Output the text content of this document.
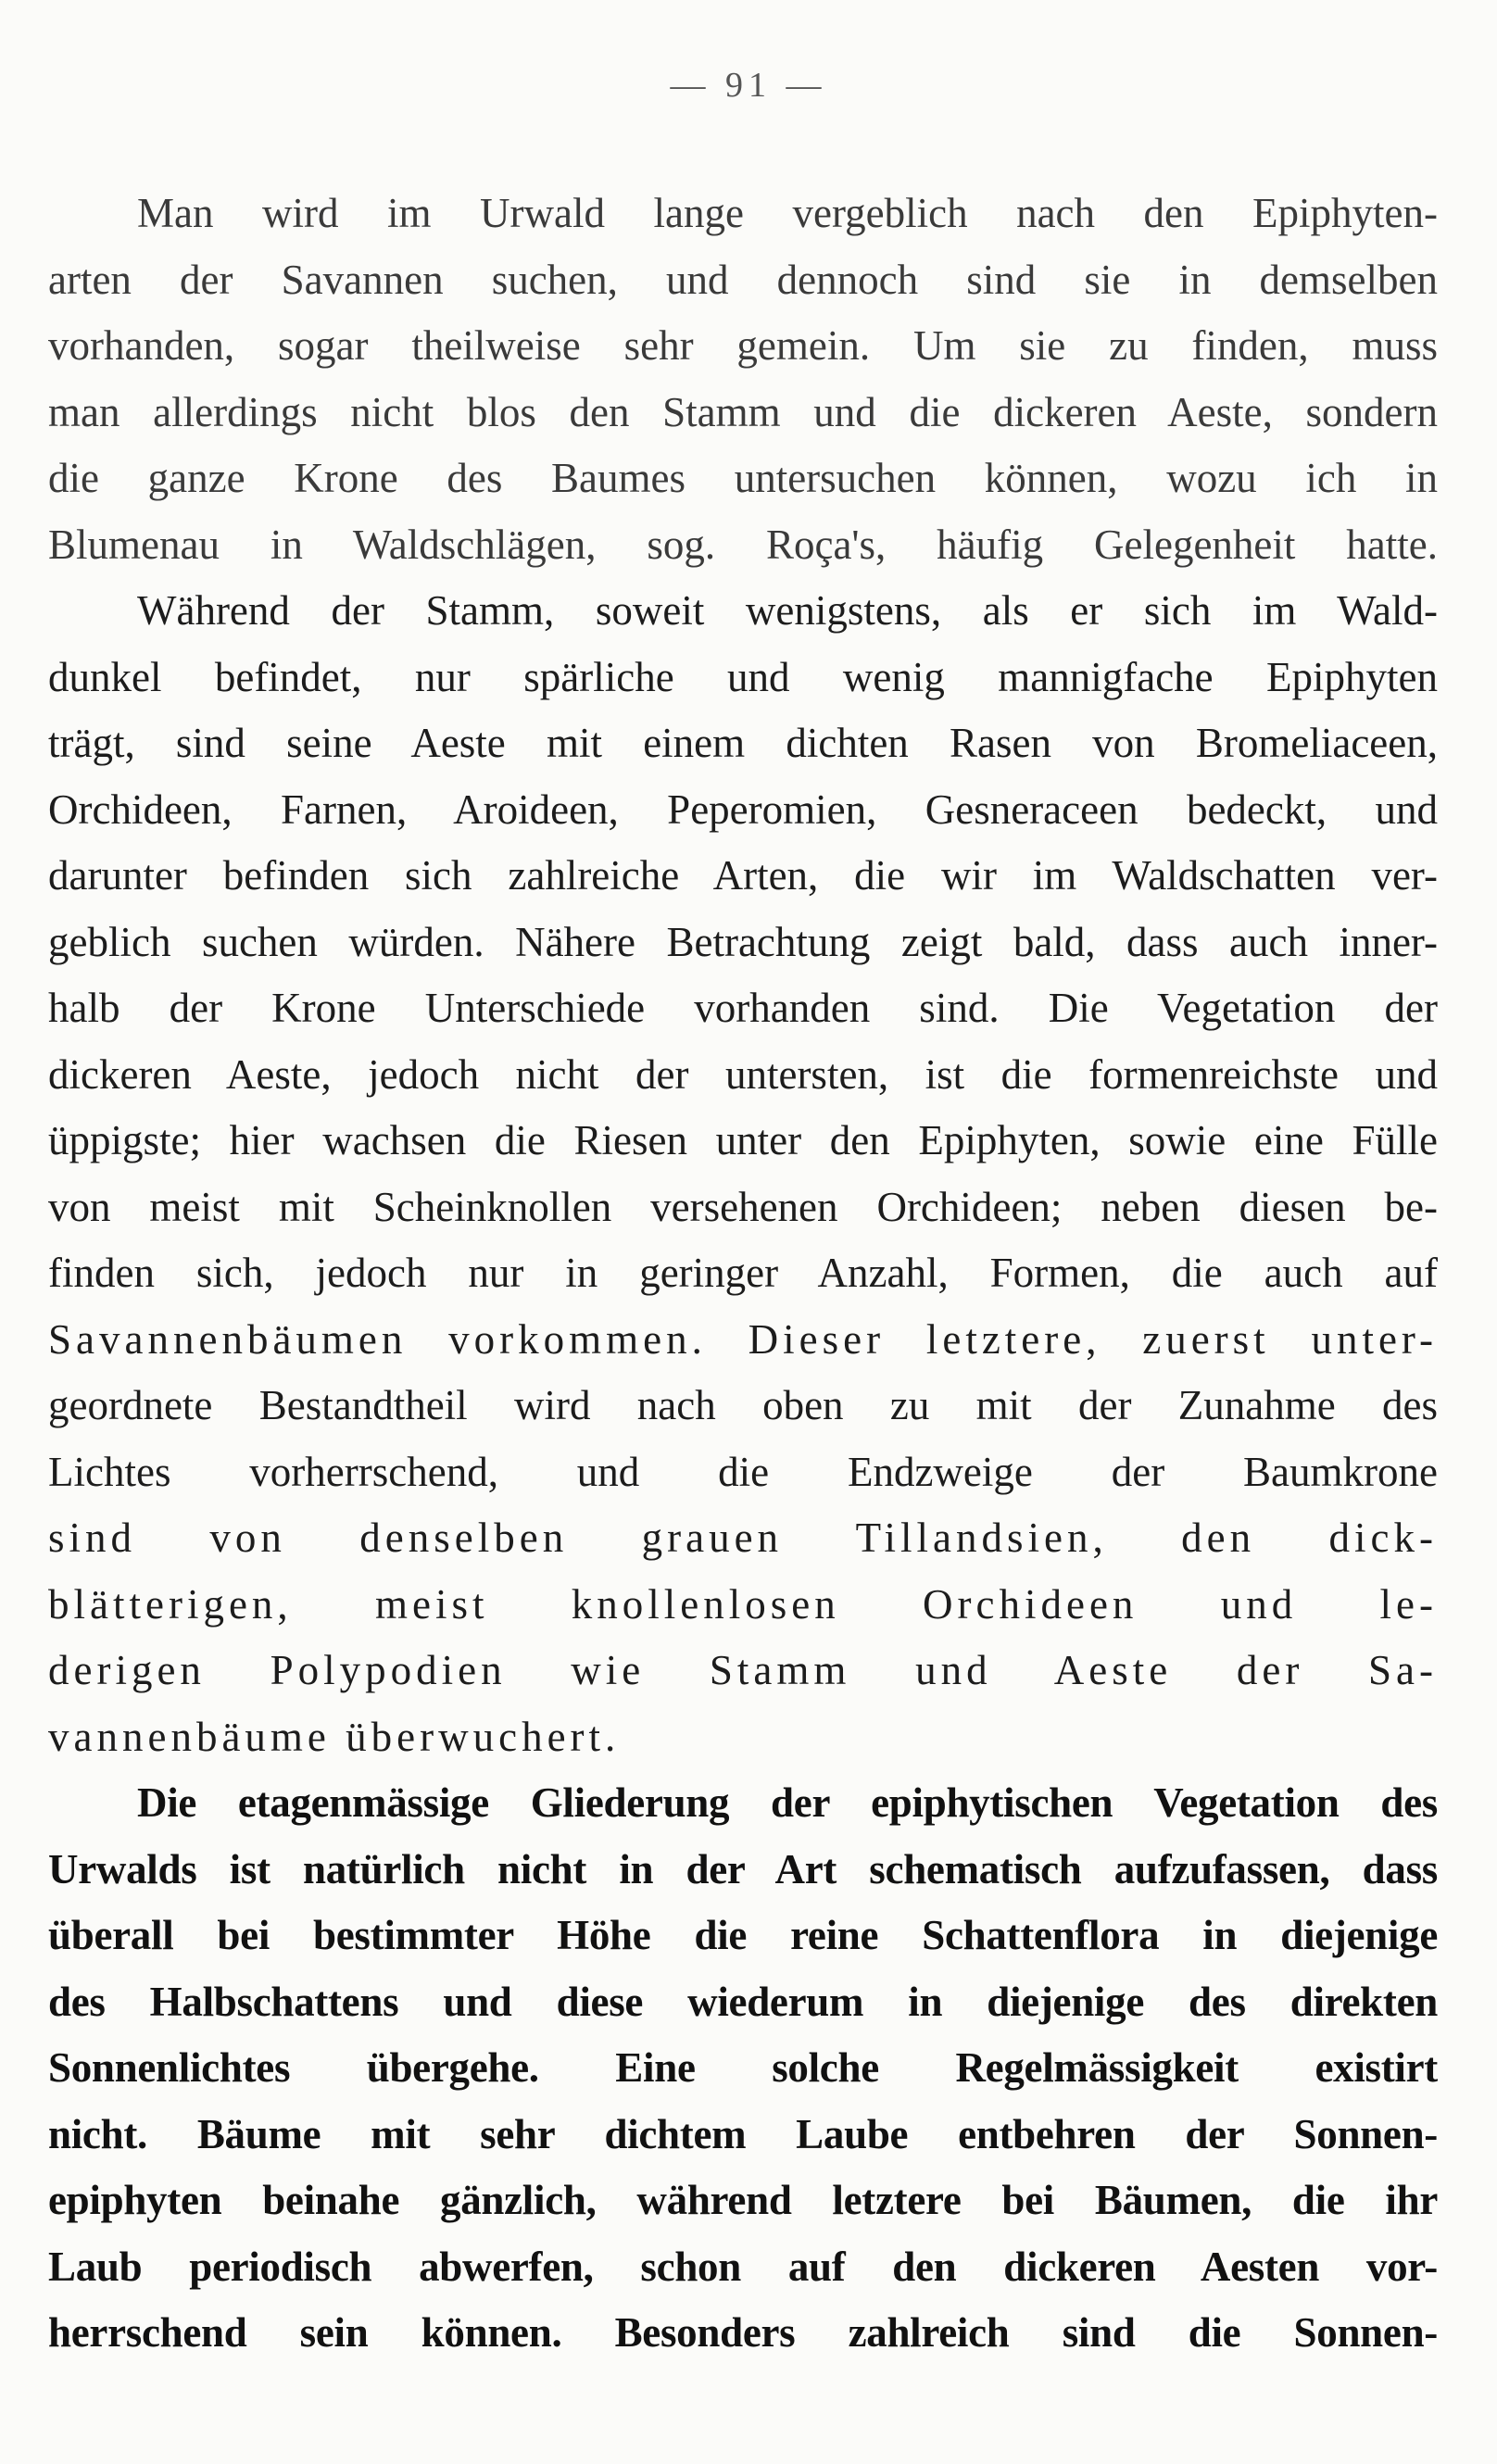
— 91 —
Man wird im Urwald lange vergeblich nach den Epiphyten-
arten der Savannen suchen, und dennoch sind sie in demselben
vorhanden, sogar theilweise sehr gemein. Um sie zu finden, muss
man allerdings nicht blos den Stamm und die dickeren Aeste, sondern
die ganze Krone des Baumes untersuchen können, wozu ich in
Blumenau in Waldschlägen, sog. Roça's, häufig Gelegenheit hatte.
Während der Stamm, soweit wenigstens, als er sich im Wald-
dunkel befindet, nur spärliche und wenig mannigfache Epiphyten
trägt, sind seine Aeste mit einem dichten Rasen von Bromeliaceen,
Orchideen, Farnen, Aroideen, Peperomien, Gesneraceen bedeckt, und
darunter befinden sich zahlreiche Arten, die wir im Waldschatten ver-
geblich suchen würden. Nähere Betrachtung zeigt bald, dass auch inner-
halb der Krone Unterschiede vorhanden sind. Die Vegetation der
dickeren Aeste, jedoch nicht der untersten, ist die formenreichste und
üppigste; hier wachsen die Riesen unter den Epiphyten, sowie eine Fülle
von meist mit Scheinknollen versehenen Orchideen; neben diesen be-
finden sich, jedoch nur in geringer Anzahl, Formen, die auch auf
Savannenbäumen vorkommen. Dieser letztere, zuerst unter-
geordnete Bestandtheil wird nach oben zu mit der Zunahme des
Lichtes vorherrschend, und die Endzweige der Baumkrone
sind von denselben grauen Tillandsien, den dick-
blätterigen, meist knollenlosen Orchideen und le-
derigen Polypodien wie Stamm und Aeste der Sa-
vannenbäume überwuchert.
Die etagenmässige Gliederung der epiphytischen Vegetation des
Urwalds ist natürlich nicht in der Art schematisch aufzufassen, dass
überall bei bestimmter Höhe die reine Schattenflora in diejenige
des Halbschattens und diese wiederum in diejenige des direkten
Sonnenlichtes übergehe. Eine solche Regelmässigkeit existirt
nicht. Bäume mit sehr dichtem Laube entbehren der Sonnen-
epiphyten beinahe gänzlich, während letztere bei Bäumen, die ihr
Laub periodisch abwerfen, schon auf den dickeren Aesten vor-
herrschend sein können. Besonders zahlreich sind die Sonnen-
